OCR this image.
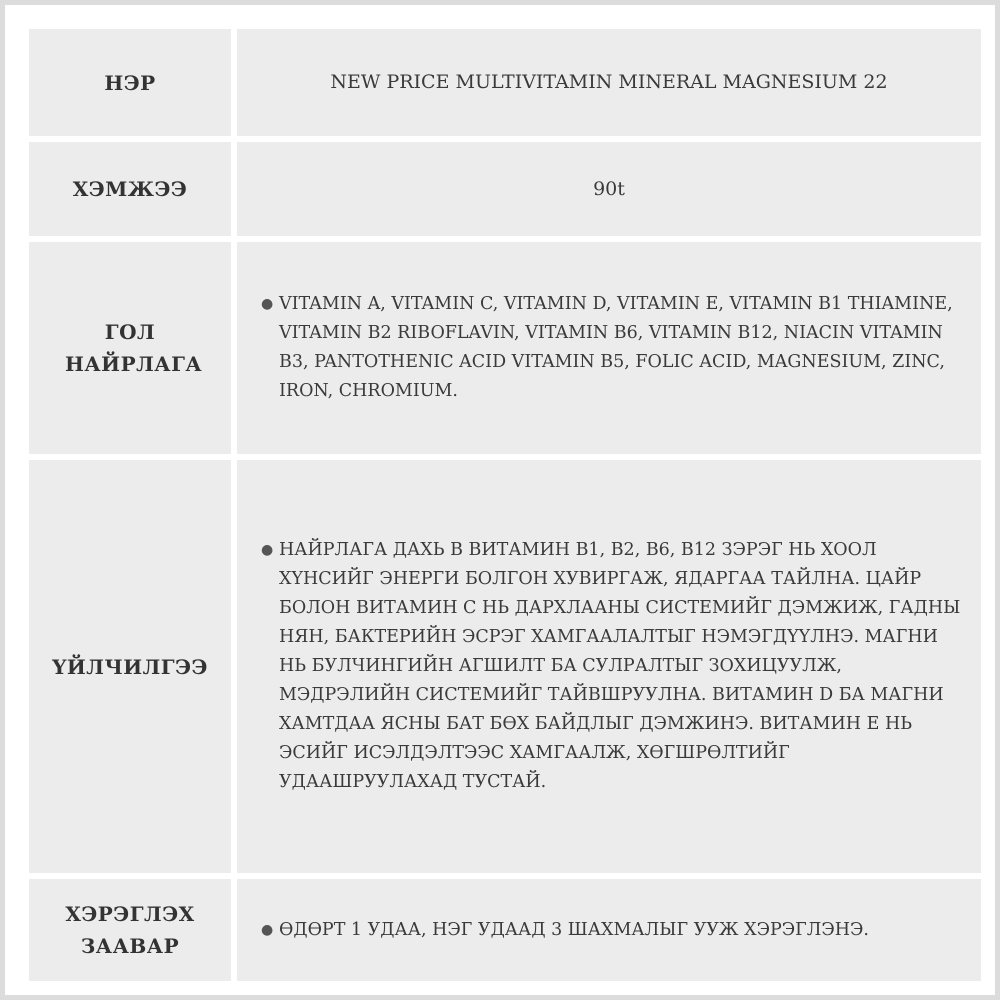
НЭР	NEW PRICE MULTIVITAMIN MINERAL MAGNESIUM 22
ХЭМЖЭЭ	90t
ГОЛ НАЙРЛАГА
● VITAMIN A, VITAMIN C, VITAMIN D, VITAMIN E, VITAMIN B1 THIAMINE, VITAMIN B2 RIBOFLAVIN, VITAMIN B6, VITAMIN B12, NIACIN VITAMIN B3, PANTOTHENIC ACID VITAMIN B5, FOLIC ACID, MAGNESIUM, ZINC, IRON, CHROMIUM.
ҮЙЛЧИЛГЭЭ
● НАЙРЛАГА ДАХЬ В ВИТАМИН B1, B2, B6, B12 ЗЭРЭГ НЬ ХООЛ ХҮНСИЙГ ЭНЕРГИ БОЛГОН ХУВИРГАЖ, ЯДАРГАА ТАЙЛНА. ЦАЙР БОЛОН ВИТАМИН С НЬ ДАРХЛААНЫ СИСТЕМИЙГ ДЭМЖИЖ, ГАДНЫ НЯН, БАКТЕРИЙН ЭСРЭГ ХАМГААЛАЛТЫГ НЭМЭГДҮҮЛНЭ. МАГНИ НЬ БУЛЧИНГИЙН АГШИЛТ БА СУЛРАЛТЫГ ЗОХИЦУУЛЖ, МЭДРЭЛИЙН СИСТЕМИЙГ ТАЙВШРУУЛНА. ВИТАМИН D БА МАГНИ ХАМТДАА ЯСНЫ БАТ БӨХ БАЙДЛЫГ ДЭМЖИНЭ. ВИТАМИН Е НЬ ЭСИЙГ ИСЭЛДЭЛТЭЭС ХАМГААЛЖ, ХӨГШРӨЛТИЙГ УДААШРУУЛАХАД ТУСТАЙ.
ХЭРЭГЛЭХ ЗААВАР
● ӨДӨРТ 1 УДАА, НЭГ УДААД 3 ШАХМАЛЫГ УУЖ ХЭРЭГЛЭНЭ.
